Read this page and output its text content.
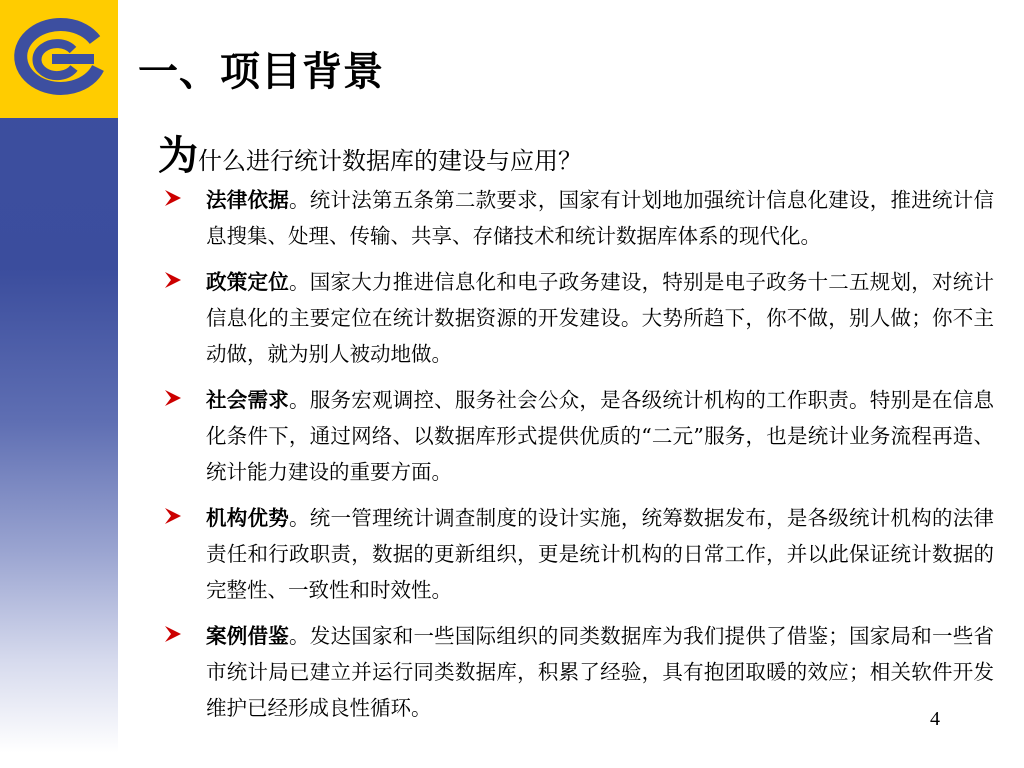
一、项目背景
为什么进行统计数据库的建设与应用？
法律依据。统计法第五条第二款要求，国家有计划地加强统计信息化建设，推进统计信息搜集、处理、传输、共享、存储技术和统计数据库体系的现代化。
政策定位。国家大力推进信息化和电子政务建设，特别是电子政务十二五规划，对统计信息化的主要定位在统计数据资源的开发建设。大势所趋下，你不做，别人做；你不主动做，就为别人被动地做。
社会需求。服务宏观调控、服务社会公众，是各级统计机构的工作职责。特别是在信息化条件下，通过网络、以数据库形式提供优质的“二元”服务，也是统计业务流程再造、统计能力建设的重要方面。
机构优势。统一管理统计调查制度的设计实施，统筹数据发布，是各级统计机构的法律责任和行政职责，数据的更新组织，更是统计机构的日常工作，并以此保证统计数据的完整性、一致性和时效性。
案例借鉴。发达国家和一些国际组织的同类数据库为我们提供了借鉴；国家局和一些省市统计局已建立并运行同类数据库，积累了经验，具有抱团取暖的效应；相关软件开发维护已经形成良性循环。	4
